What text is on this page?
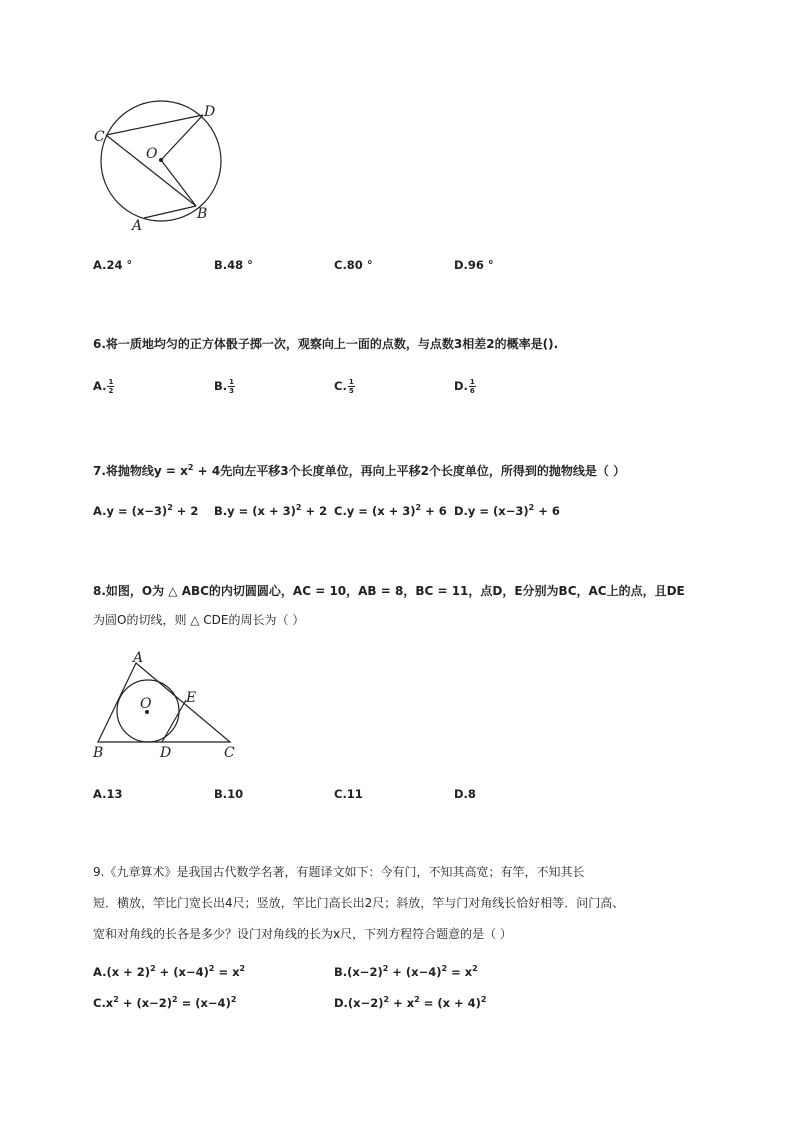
C
D
O
B
A
A.24 °	B.48 °	C.80 °	D.96 °
6.将一质地均匀的正方体骰子掷一次，观察向上一面的点数，与点数3相差2的概率是().
A. $\frac{1}{2}$	B. $\frac{1}{3}$	C. $\frac{1}{5}$	D. $\frac{1}{6}$
7.将抛物线$y = x^2 + 4$先向左平移3个长度单位，再向上平移2个长度单位，所得到的抛物线是（ ）
$A.y = (x-3)^2 + 2$ $B.y = (x + 3)^2 + 2$ $C.y = (x + 3)^2 + 6$ $D.y = (x-3)^2 + 6$
8.如图，O为 △ ABC的内切圆圆心，AC = 10，AB = 8，BC = 11，点D，E分别为BC，AC上的点，且DE
为圆O的切线，则 △ CDE的周长为（ ）
A
O E
B	D	C
A.13	B.10	C.11	D.8
9.《九章算术》是我国古代数学名著，有题译文如下：今有门，不知其高宽；有竿，不知其长
短．横放，竿比门宽长出4尺；竖放，竿比门高长出2尺；斜放，竿与门对角线长恰好相等．问门高、
宽和对角线的长各是多少？设门对角线的长为x尺，下列方程符合题意的是（ ）
$A.(x + 2)^2 + (x-4)^2 = x^2$	$B.(x-2)^2 + (x-4)^2 = x^2$
$C.x^2 + (x-2)^2 = (x-4)^2$	$D.(x-2)^2 + x^2 = (x + 4)^2$
